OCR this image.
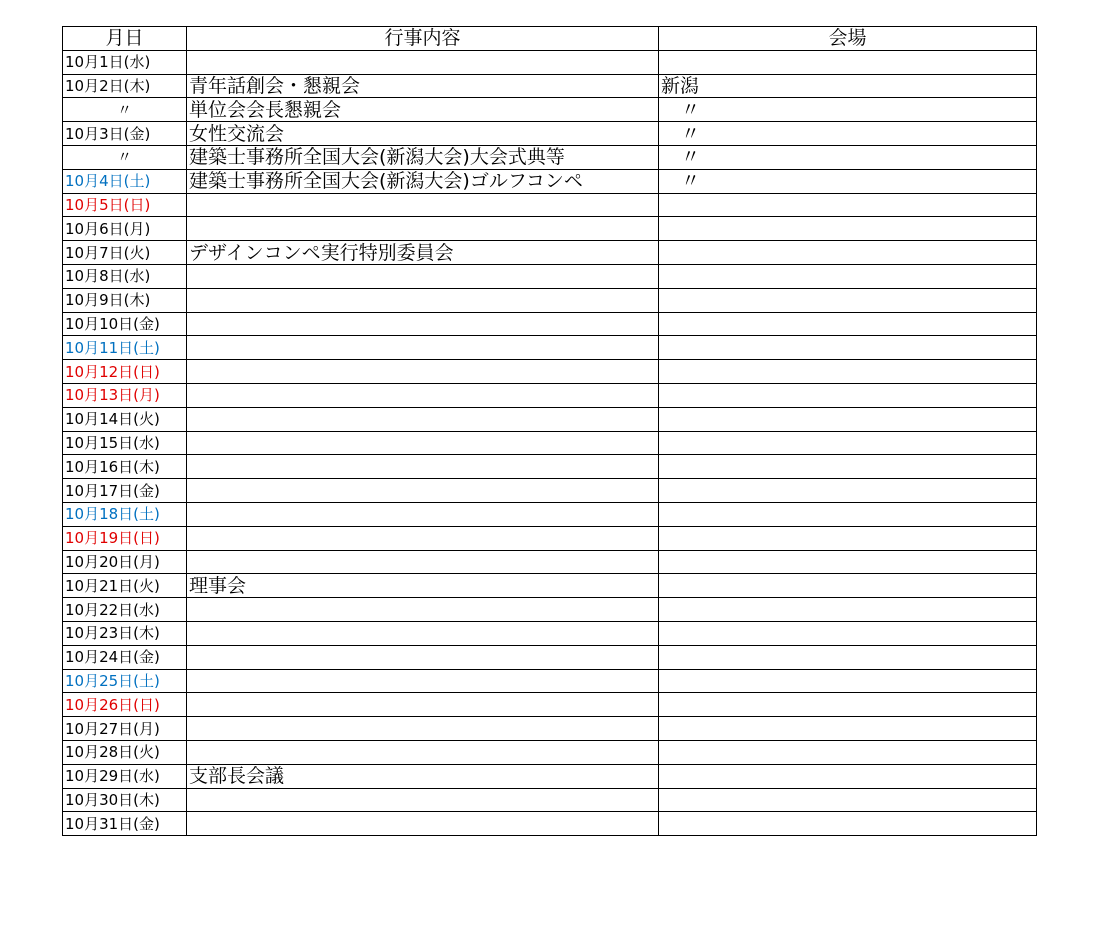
月日	行事内容	会場
10月1日(水)		
10月2日(木)	青年話創会・懇親会	新潟
〃	単位会会長懇親会	〃
10月3日(金)	女性交流会	〃
〃	建築士事務所全国大会(新潟大会)大会式典等	〃
10月4日(土)	建築士事務所全国大会(新潟大会)ゴルフコンペ	〃
10月5日(日)		
10月6日(月)		
10月7日(火)	デザインコンペ実行特別委員会	
10月8日(水)		
10月9日(木)		
10月10日(金)		
10月11日(土)		
10月12日(日)		
10月13日(月)		
10月14日(火)		
10月15日(水)		
10月16日(木)		
10月17日(金)		
10月18日(土)		
10月19日(日)		
10月20日(月)		
10月21日(火)	理事会	
10月22日(水)		
10月23日(木)		
10月24日(金)		
10月25日(土)		
10月26日(日)		
10月27日(月)		
10月28日(火)		
10月29日(水)	支部長会議	
10月30日(木)		
10月31日(金)		
